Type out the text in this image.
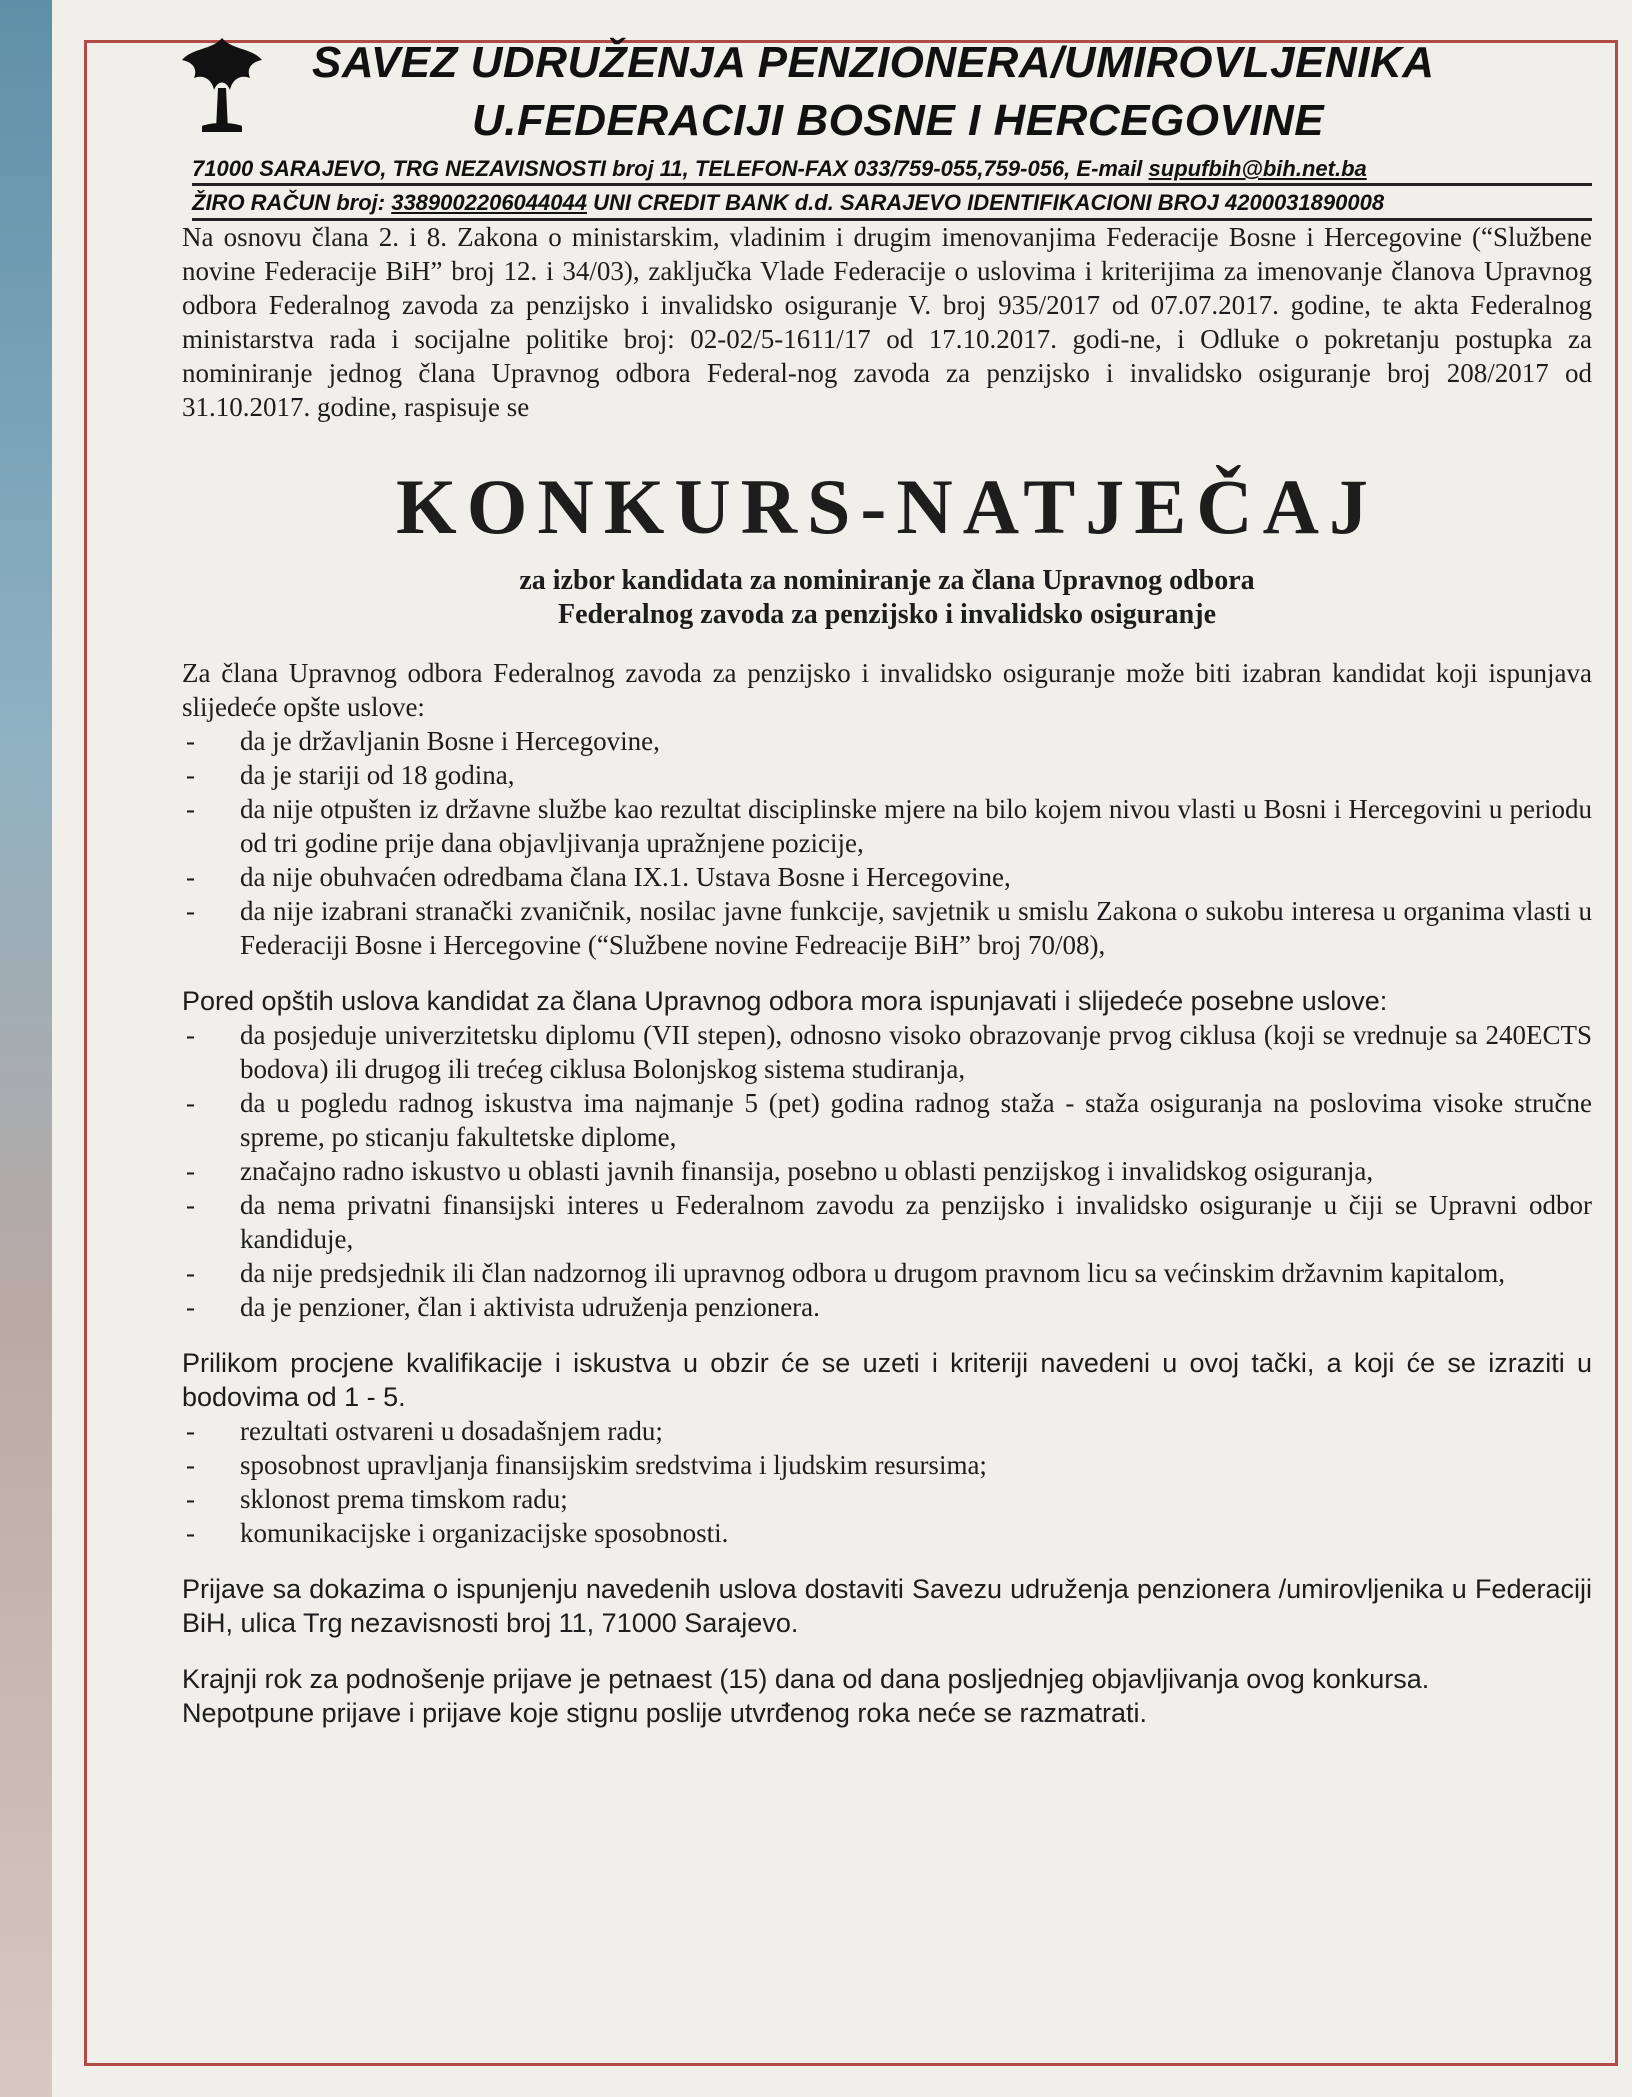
SAVEZ UDRUŽENJA PENZIONERA/UMIROVLJENIKA
U.FEDERACIJI BOSNE I HERCEGOVINE
71000 SARAJEVO, TRG NEZAVISNOSTI broj 11, TELEFON-FAX 033/759-055,759-056, E-mail supufbih@bih.net.ba
ŽIRO RAČUN broj: 3389002206044044 UNI CREDIT BANK d.d. SARAJEVO IDENTIFIKACIONI BROJ 4200031890008

Na osnovu člana 2. i 8. Zakona o ministarskim, vladinim i drugim imenovanjima Federacije Bosne i Hercegovine (“Službene novine Federacije BiH” broj 12. i 34/03), zaključka Vlade Federacije o uslovima i kriterijima za imenovanje članova Upravnog odbora Federalnog zavoda za penzijsko i invalidsko osiguranje V. broj 935/2017 od 07.07.2017. godine, te akta Federalnog ministarstva rada i socijalne politike broj: 02-02/5-1611/17 od 17.10.2017. godi-ne, i Odluke o pokretanju postupka za nominiranje jednog člana Upravnog odbora Federal-nog zavoda za penzijsko i invalidsko osiguranje broj 208/2017 od 31.10.2017. godine, raspisuje se

KONKURS-NATJEČAJ
za izbor kandidata za nominiranje za člana Upravnog odbora
Federalnog zavoda za penzijsko i invalidsko osiguranje

Za člana Upravnog odbora Federalnog zavoda za penzijsko i invalidsko osiguranje može biti izabran kandidat koji ispunjava slijedeće opšte uslove:

- da je državljanin Bosne i Hercegovine,
- da je stariji od 18 godina,
- da nije otpušten iz državne službe kao rezultat disciplinske mjere na bilo kojem nivou vlasti u Bosni i Hercegovini u periodu od tri godine prije dana objavljivanja upražnjene pozicije,
- da nije obuhvaćen odredbama člana IX.1. Ustava Bosne i Hercegovine,
- da nije izabrani stranački zvaničnik, nosilac javne funkcije, savjetnik u smislu Zakona o sukobu interesa u organima vlasti u Federaciji Bosne i Hercegovine (“Službene novine Fedreacije BiH” broj 70/08),

Pored opštih uslova kandidat za člana Upravnog odbora mora ispunjavati i slijedeće posebne uslove:

- da posjeduje univerzitetsku diplomu (VII stepen), odnosno visoko obrazovanje prvog ciklusa (koji se vrednuje sa 240ECTS bodova) ili drugog ili trećeg ciklusa Bolonjskog sistema studiranja,
- da u pogledu radnog iskustva ima najmanje 5 (pet) godina radnog staža - staža osiguranja na poslovima visoke stručne spreme, po sticanju fakultetske diplome,
- značajno radno iskustvo u oblasti javnih finansija, posebno u oblasti penzijskog i invalidskog osiguranja,
- da nema privatni finansijski interes u Federalnom zavodu za penzijsko i invalidsko osiguranje u čiji se Upravni odbor kandiduje,
- da nije predsjednik ili član nadzornog ili upravnog odbora u drugom pravnom licu sa većinskim državnim kapitalom,
- da je penzioner, član i aktivista udruženja penzionera.

Prilikom procjene kvalifikacije i iskustva u obzir će se uzeti i kriteriji navedeni u ovoj tački, a koji će se izraziti u bodovima od 1 - 5.

- rezultati ostvareni u dosadašnjem radu;
- sposobnost upravljanja finansijskim sredstvima i ljudskim resursima;
- sklonost prema timskom radu;
- komunikacijske i organizacijske sposobnosti.

Prijave sa dokazima o ispunjenju navedenih uslova dostaviti Savezu udruženja penzionera /umirovljenika u Federaciji BiH, ulica Trg nezavisnosti broj 11, 71000 Sarajevo.

Krajnji rok za podnošenje prijave je petnaest (15) dana od dana posljednjeg objavljivanja ovog konkursa.

Nepotpune prijave i prijave koje stignu poslije utvrđenog roka neće se razmatrati.
